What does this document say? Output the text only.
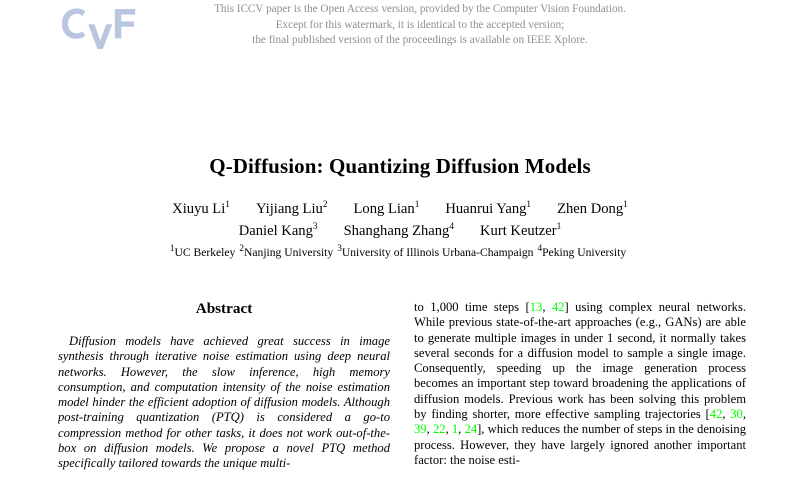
This ICCV paper is the Open Access version, provided by the Computer Vision Foundation.
Except for this watermark, it is identical to the accepted version;
the final published version of the proceedings is available on IEEE Xplore.
Q-Diffusion: Quantizing Diffusion Models
Xiuyu Li$^1$ Yijiang Liu$^2$ Long Lian$^1$ Huanrui Yang$^1$ Zhen Dong$^1$
Daniel Kang$^3$ Shanghang Zhang$^4$ Kurt Keutzer$^1$
$^1$UC Berkeley $^2$Nanjing University $^3$University of Illinois Urbana-Champaign $^4$Peking University
Abstract

Diffusion models have achieved great success in image synthesis through iterative noise estimation using deep neural networks. However, the slow inference, high memory consumption, and computation intensity of the noise estimation model hinder the efficient adoption of diffusion models. Although post-training quantization (PTQ) is considered a go-to compression method for other tasks, it does not work out-of-the-box on diffusion models. We propose a novel PTQ method specifically tailored towards the unique multi-

to 1,000 time steps [13, 42] using complex neural networks. While previous state-of-the-art approaches (e.g., GANs) are able to generate multiple images in under 1 second, it normally takes several seconds for a diffusion model to sample a single image. Consequently, speeding up the image generation process becomes an important step toward broadening the applications of diffusion models. Previous work has been solving this problem by finding shorter, more effective sampling trajectories [42, 30, 39, 22, 1, 24], which reduces the number of steps in the denoising process. However, they have largely ignored another important factor: the noise esti-
